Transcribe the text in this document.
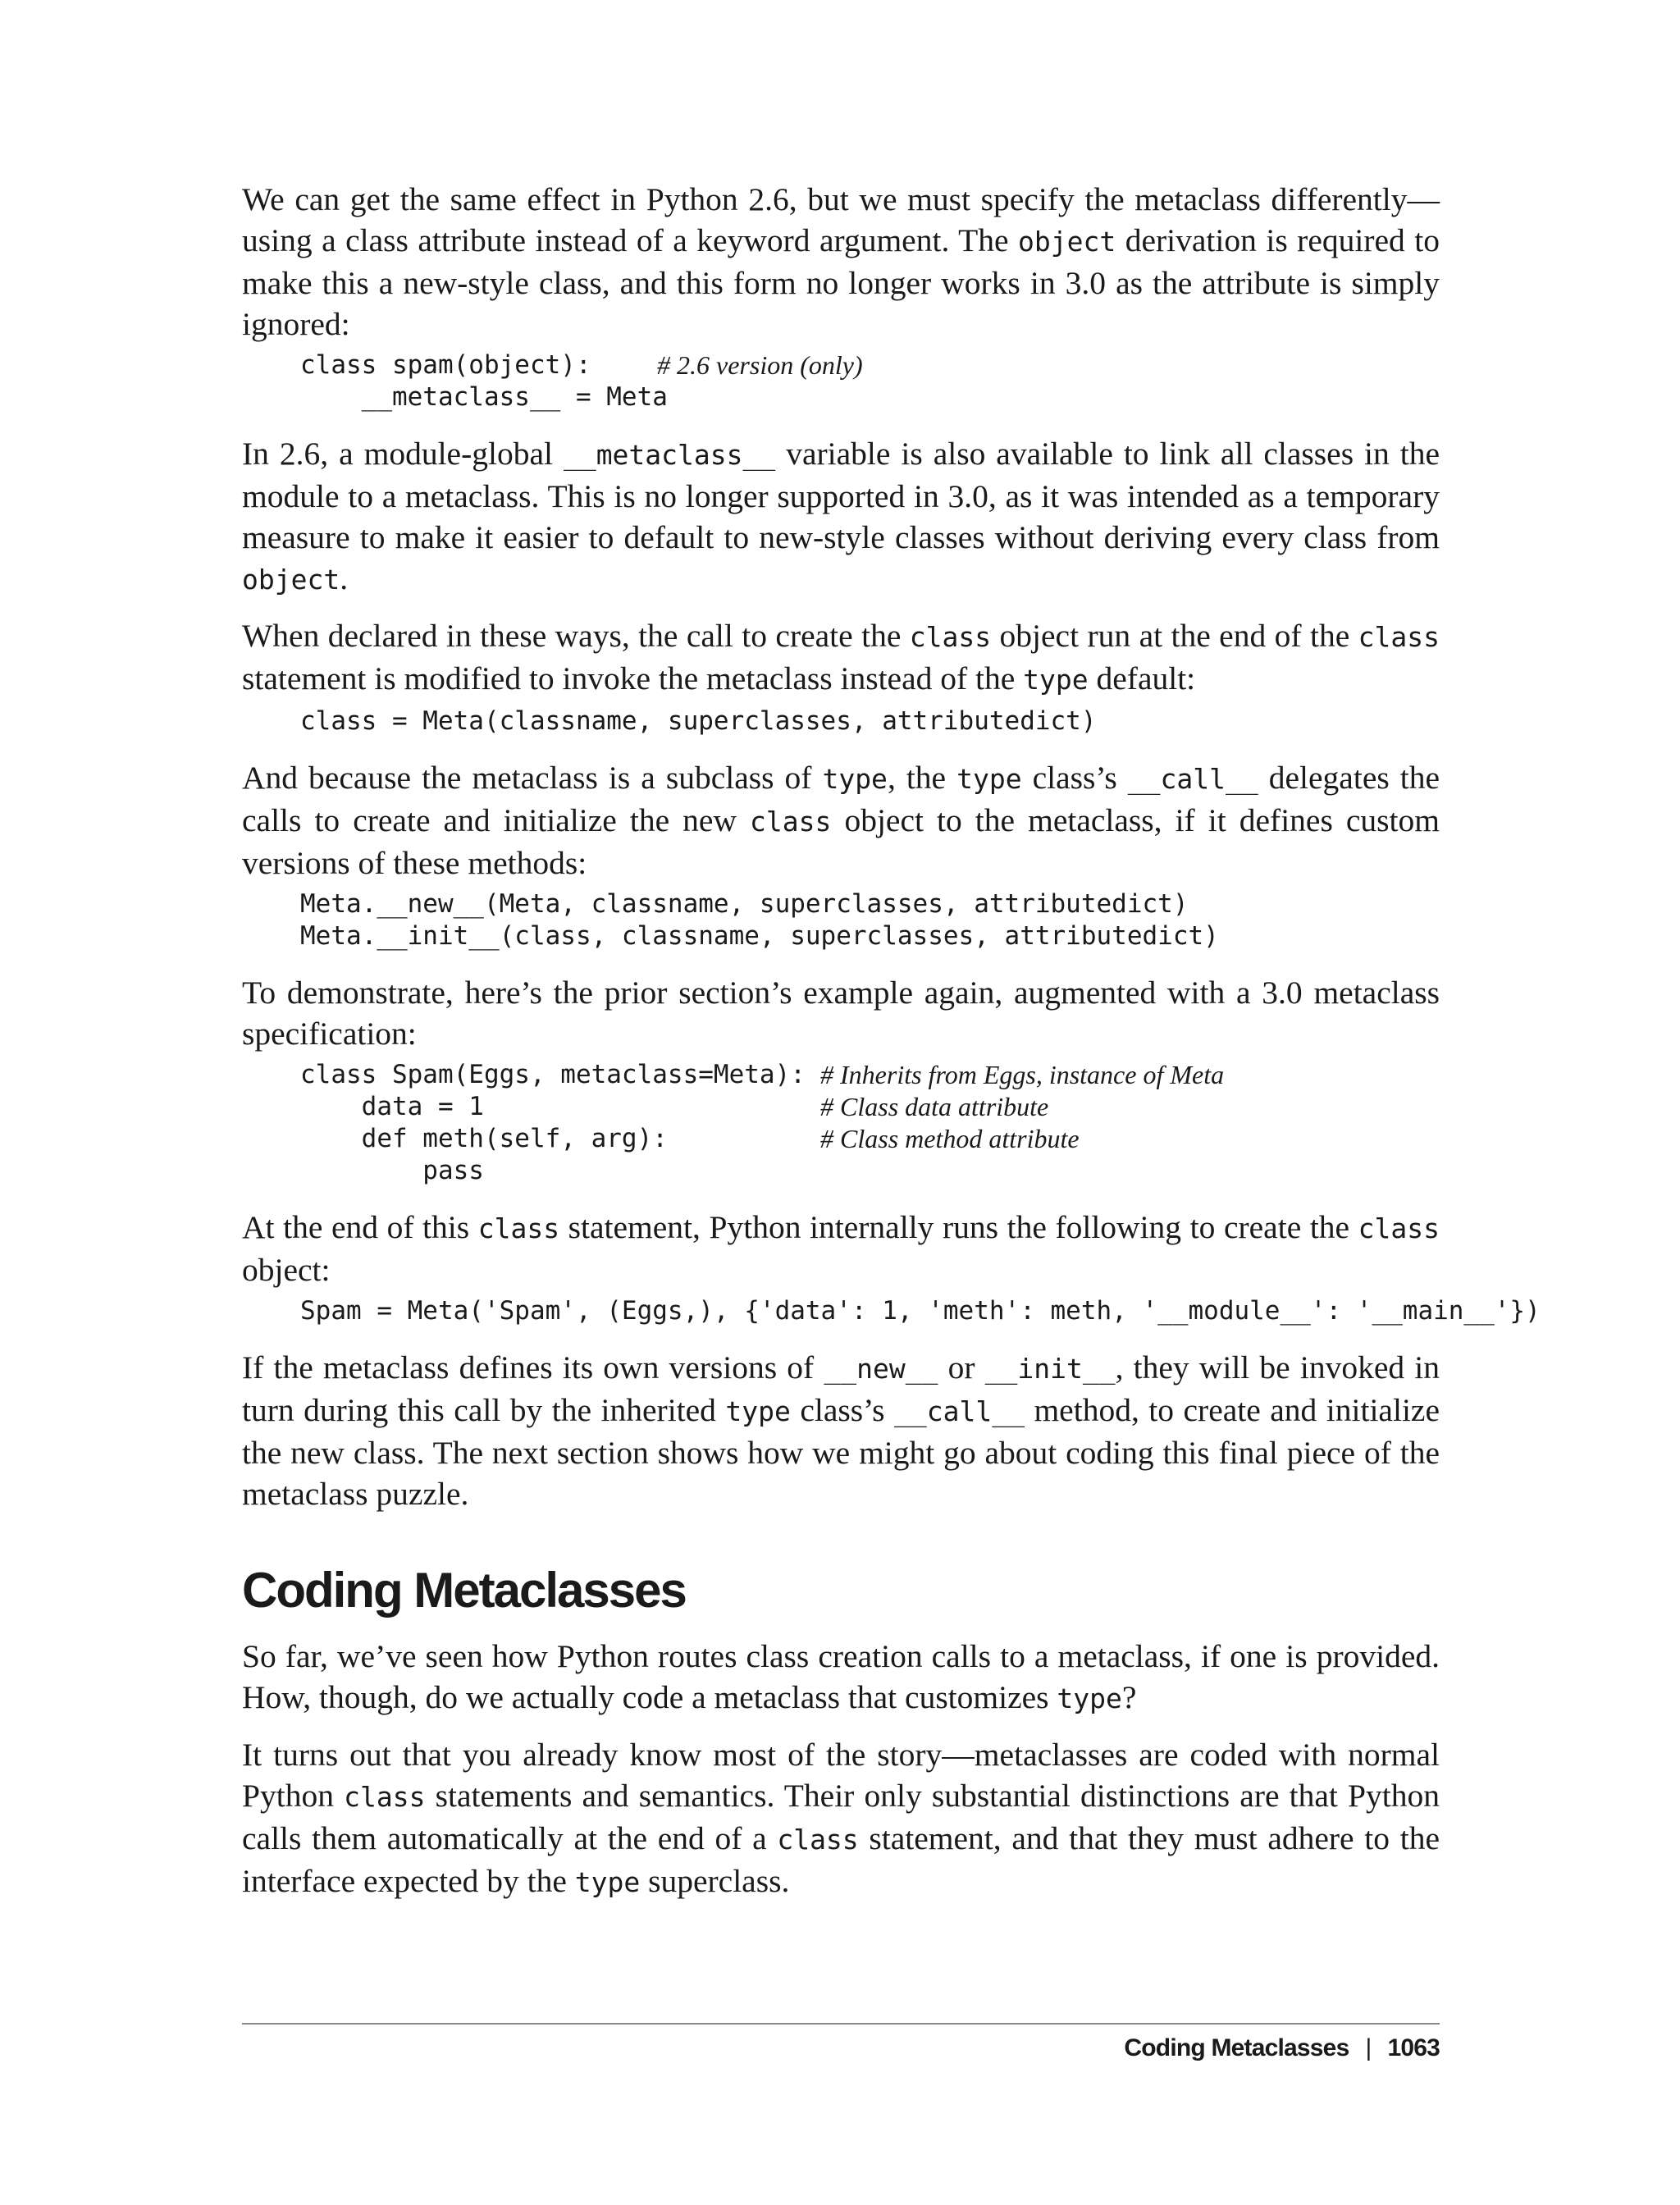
We can get the same effect in Python 2.6, but we must specify the metaclass differently—using a class attribute instead of a keyword argument. The object derivation is required to make this a new-style class, and this form no longer works in 3.0 as the attribute is simply ignored:

class spam(object):	# 2.6 version (only)
__metaclass__ = Meta

In 2.6, a module-global __metaclass__ variable is also available to link all classes in the module to a metaclass. This is no longer supported in 3.0, as it was intended as a temporary measure to make it easier to default to new-style classes without deriving every class from object.

When declared in these ways, the call to create the class object run at the end of the class statement is modified to invoke the metaclass instead of the type default:

class = Meta(classname, superclasses, attributedict)

And because the metaclass is a subclass of type, the type class’s __call__ delegates the calls to create and initialize the new class object to the metaclass, if it defines custom versions of these methods:

Meta.__new__(Meta, classname, superclasses, attributedict)
Meta.__init__(class, classname, superclasses, attributedict)

To demonstrate, here’s the prior section’s example again, augmented with a 3.0 metaclass specification:

class Spam(Eggs, metaclass=Meta): # Inherits from Eggs, instance of Meta
data = 1	# Class data attribute
def meth(self, arg):	# Class method attribute
pass

At the end of this class statement, Python internally runs the following to create the class object:

Spam = Meta('Spam', (Eggs,), {'data': 1, 'meth': meth, '__module__': '__main__'})

If the metaclass defines its own versions of __new__ or __init__, they will be invoked in turn during this call by the inherited type class’s __call__ method, to create and initialize the new class. The next section shows how we might go about coding this final piece of the metaclass puzzle.

Coding Metaclasses

So far, we’ve seen how Python routes class creation calls to a metaclass, if one is provided. How, though, do we actually code a metaclass that customizes type?

It turns out that you already know most of the story—metaclasses are coded with normal Python class statements and semantics. Their only substantial distinctions are that Python calls them automatically at the end of a class statement, and that they must adhere to the interface expected by the type superclass.

Coding Metaclasses | 1063
